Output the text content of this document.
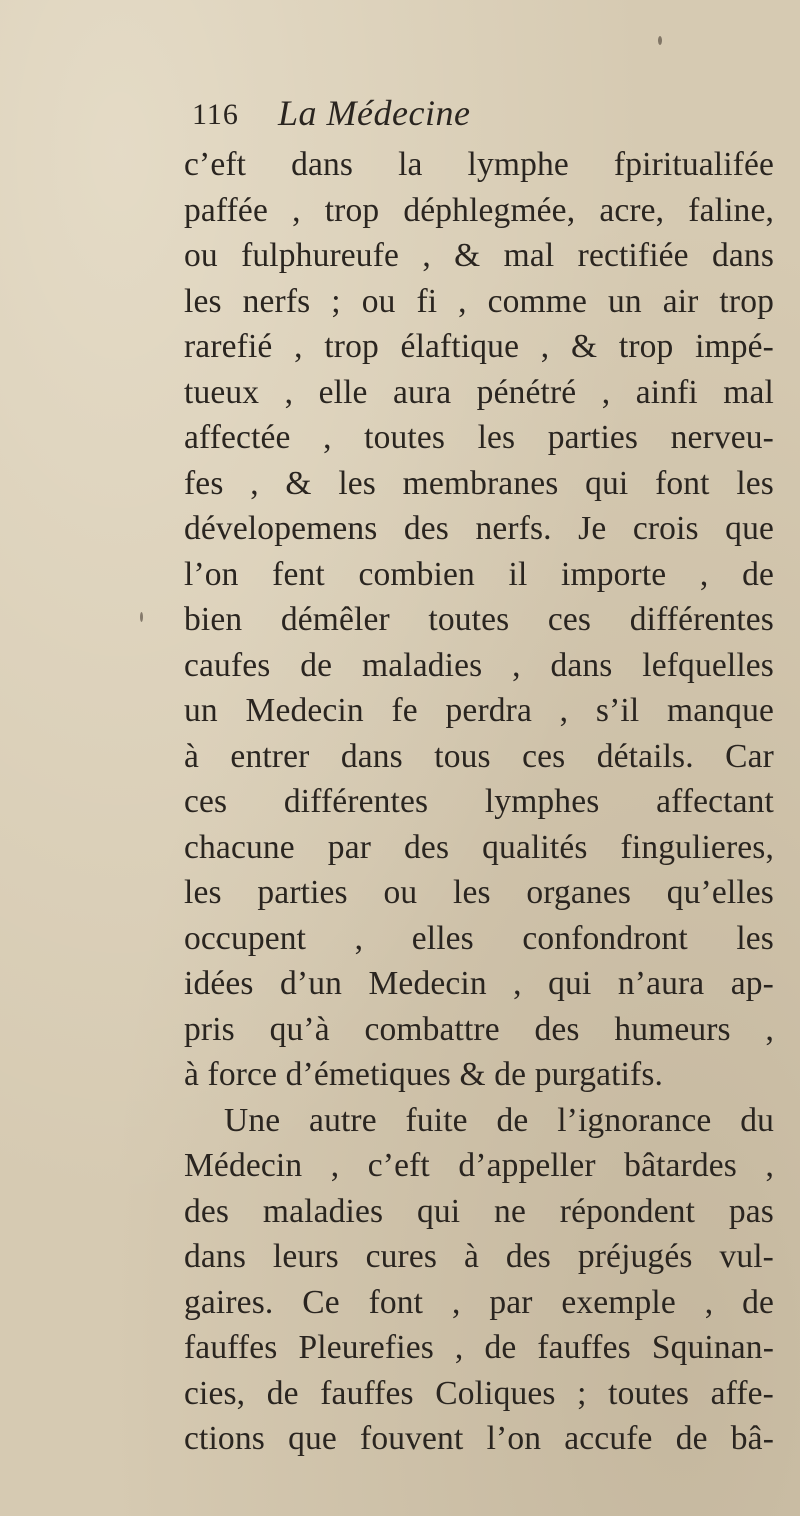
116 La Médecine
c’eft dans la lymphe fpiritualifée
paffée , trop déphlegmée, acre, faline,
ou fulphureufe , & mal rectifiée dans
les nerfs ; ou fi , comme un air trop
rarefié , trop élaftique , & trop impé-
tueux , elle aura pénétré , ainfi mal
affectée , toutes les parties nerveu-
fes , & les membranes qui font les
dévelopemens des nerfs. Je crois que
l’on fent combien il importe , de
bien démêler toutes ces différentes
caufes de maladies , dans lefquelles
un Medecin fe perdra , s’il manque
à entrer dans tous ces détails. Car
ces différentes lymphes affectant
chacune par des qualités fingulieres,
les parties ou les organes qu’elles
occupent , elles confondront les
idées d’un Medecin , qui n’aura ap-
pris qu’à combattre des humeurs ,
à force d’émetiques & de purgatifs.
Une autre fuite de l’ignorance du
Médecin , c’eft d’appeller bâtardes ,
des maladies qui ne répondent pas
dans leurs cures à des préjugés vul-
gaires. Ce font , par exemple , de
fauffes Pleurefies , de fauffes Squinan-
cies, de fauffes Coliques ; toutes affe-
ctions que fouvent l’on accufe de bâ-
